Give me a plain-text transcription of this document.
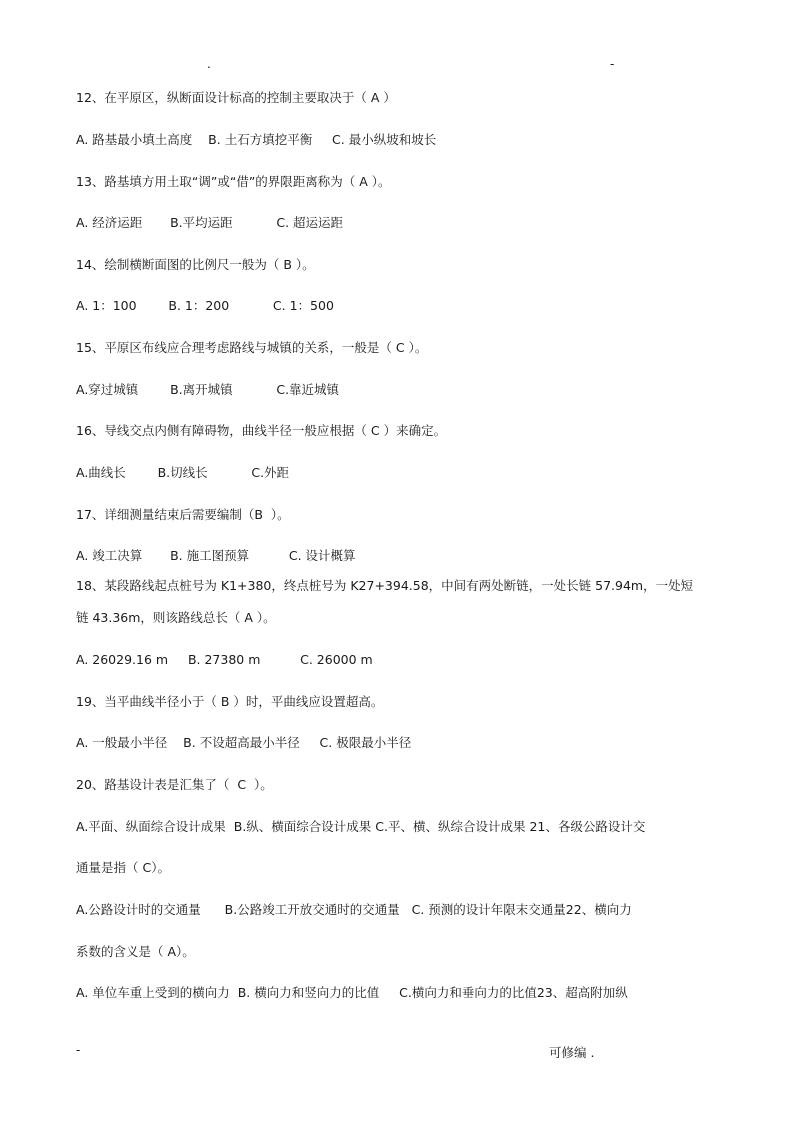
.	-

12、在平原区，纵断面设计标高的控制主要取决于（ A ）

A. 路基最小填土高度    B. 土石方填挖平衡     C. 最小纵坡和坡长

13、路基填方用土取“调”或“借”的界限距离称为（ A ）。

A. 经济运距       B.平均运距           C. 超运运距

14、绘制横断面图的比例尺一般为（ B ）。

A. 1：100        B. 1：200           C. 1：500

15、平原区布线应合理考虑路线与城镇的关系，一般是（ C ）。

A.穿过城镇        B.离开城镇           C.靠近城镇

16、导线交点内侧有障碍物，曲线半径一般应根据（ C ）来确定。

A.曲线长        B.切线长           C.外距

17、详细测量结束后需要编制（B  ）。

A. 竣工决算       B. 施工图预算          C. 设计概算

18、某段路线起点桩号为 K1+380，终点桩号为 K27+394.58，中间有两处断链，一处长链 57.94m，一处短

链 43.36m，则该路线总长（ A ）。

A. 26029.16 m     B. 27380 m          C. 26000 m

19、当平曲线半径小于（ B ）时，平曲线应设置超高。

A. 一般最小半径    B. 不设超高最小半径     C. 极限最小半径

20、路基设计表是汇集了（  C  ）。

A.平面、纵面综合设计成果  B.纵、横面综合设计成果 C.平、横、纵综合设计成果 21、各级公路设计交

通量是指（ C）。

A.公路设计时的交通量      B.公路竣工开放交通时的交通量   C. 预测的设计年限末交通量22、横向力

系数的含义是（ A）。

A. 单位车重上受到的横向力  B. 横向力和竖向力的比值     C.横向力和垂向力的比值23、超高附加纵

-	可修编 .
